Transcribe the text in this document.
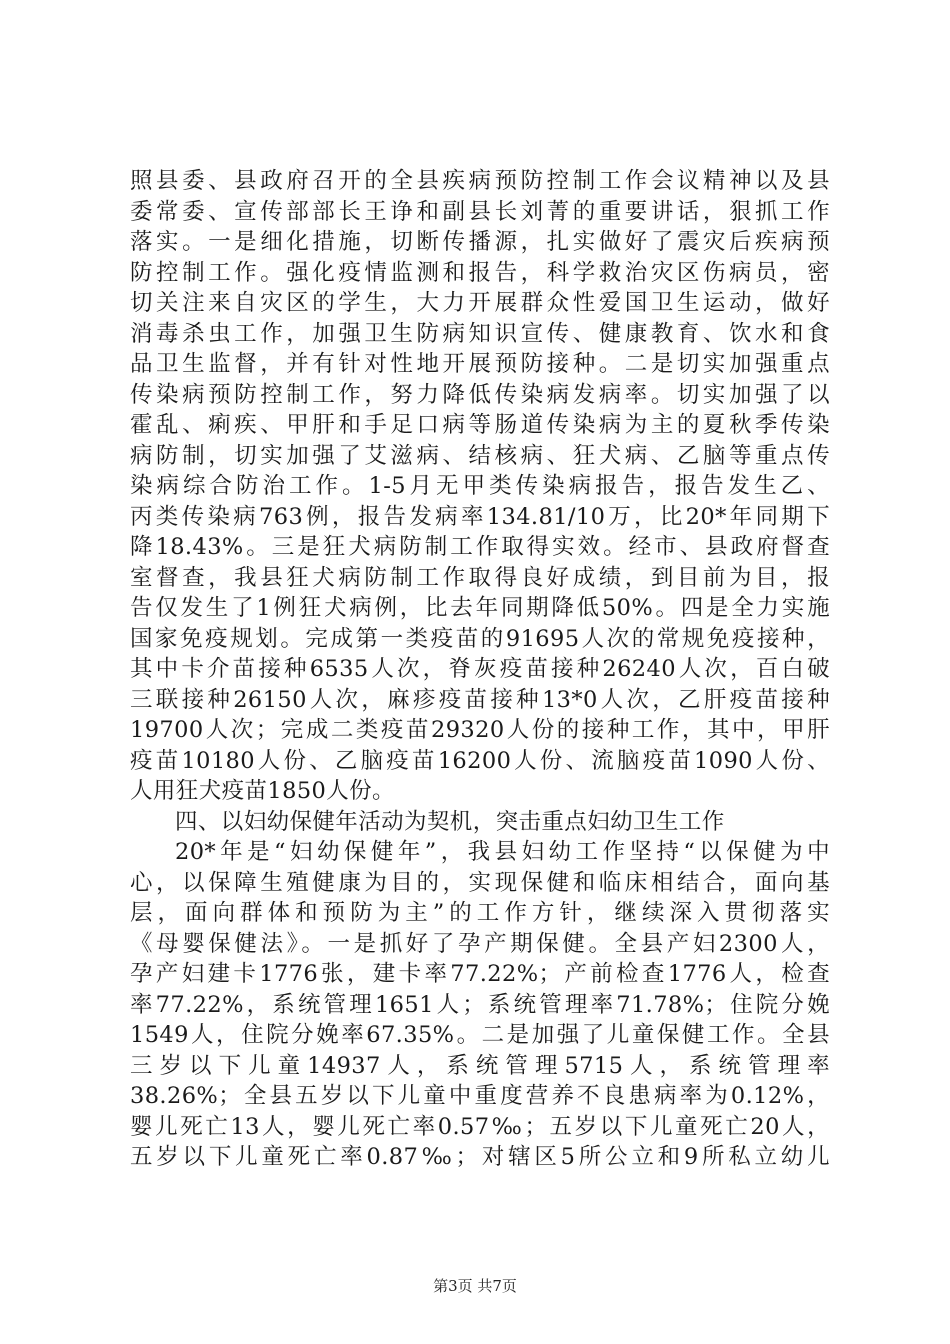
照县委、县政府召开的全县疾病预防控制工作会议精神以及县
委常委、宣传部部长王诤和副县长刘菁的重要讲话，狠抓工作
落实。一是细化措施，切断传播源，扎实做好了震灾后疾病预
防控制工作。强化疫情监测和报告，科学救治灾区伤病员，密
切关注来自灾区的学生，大力开展群众性爱国卫生运动，做好
消毒杀虫工作，加强卫生防病知识宣传、健康教育、饮水和食
品卫生监督，并有针对性地开展预防接种。二是切实加强重点
传染病预防控制工作，努力降低传染病发病率。切实加强了以
霍乱、痢疾、甲肝和手足口病等肠道传染病为主的夏秋季传染
病防制，切实加强了艾滋病、结核病、狂犬病、乙脑等重点传
染病综合防治工作。1-5月无甲类传染病报告，报告发生乙、
丙类传染病763例，报告发病率134.81/10万，比20*年同期下
降18.43%。三是狂犬病防制工作取得实效。经市、县政府督查
室督查，我县狂犬病防制工作取得良好成绩，到目前为目，报
告仅发生了1例狂犬病例，比去年同期降低50%。四是全力实施
国家免疫规划。完成第一类疫苗的91695人次的常规免疫接种，
其中卡介苗接种6535人次，脊灰疫苗接种26240人次，百白破
三联接种26150人次，麻疹疫苗接种13*0人次，乙肝疫苗接种
19700人次；完成二类疫苗29320人份的接种工作，其中，甲肝
疫苗10180人份、乙脑疫苗16200人份、流脑疫苗1090人份、
人用狂犬疫苗1850人份。
四、以妇幼保健年活动为契机，突击重点妇幼卫生工作
20*年是“妇幼保健年”，我县妇幼工作坚持“以保健为中
心，以保障生殖健康为目的，实现保健和临床相结合，面向基
层，面向群体和预防为主”的工作方针，继续深入贯彻落实
《母婴保健法》。一是抓好了孕产期保健。全县产妇2300人，
孕产妇建卡1776张，建卡率77.22%；产前检查1776人，检查
率77.22%，系统管理1651人；系统管理率71.78%；住院分娩
1549人，住院分娩率67.35%。二是加强了儿童保健工作。全县
三岁以下儿童14937人，系统管理5715人，系统管理率
38.26%；全县五岁以下儿童中重度营养不良患病率为0.12%，
婴儿死亡13人，婴儿死亡率0.57‰；五岁以下儿童死亡20人，
五岁以下儿童死亡率0.87‰；对辖区5所公立和9所私立幼儿
第3页 共7页
